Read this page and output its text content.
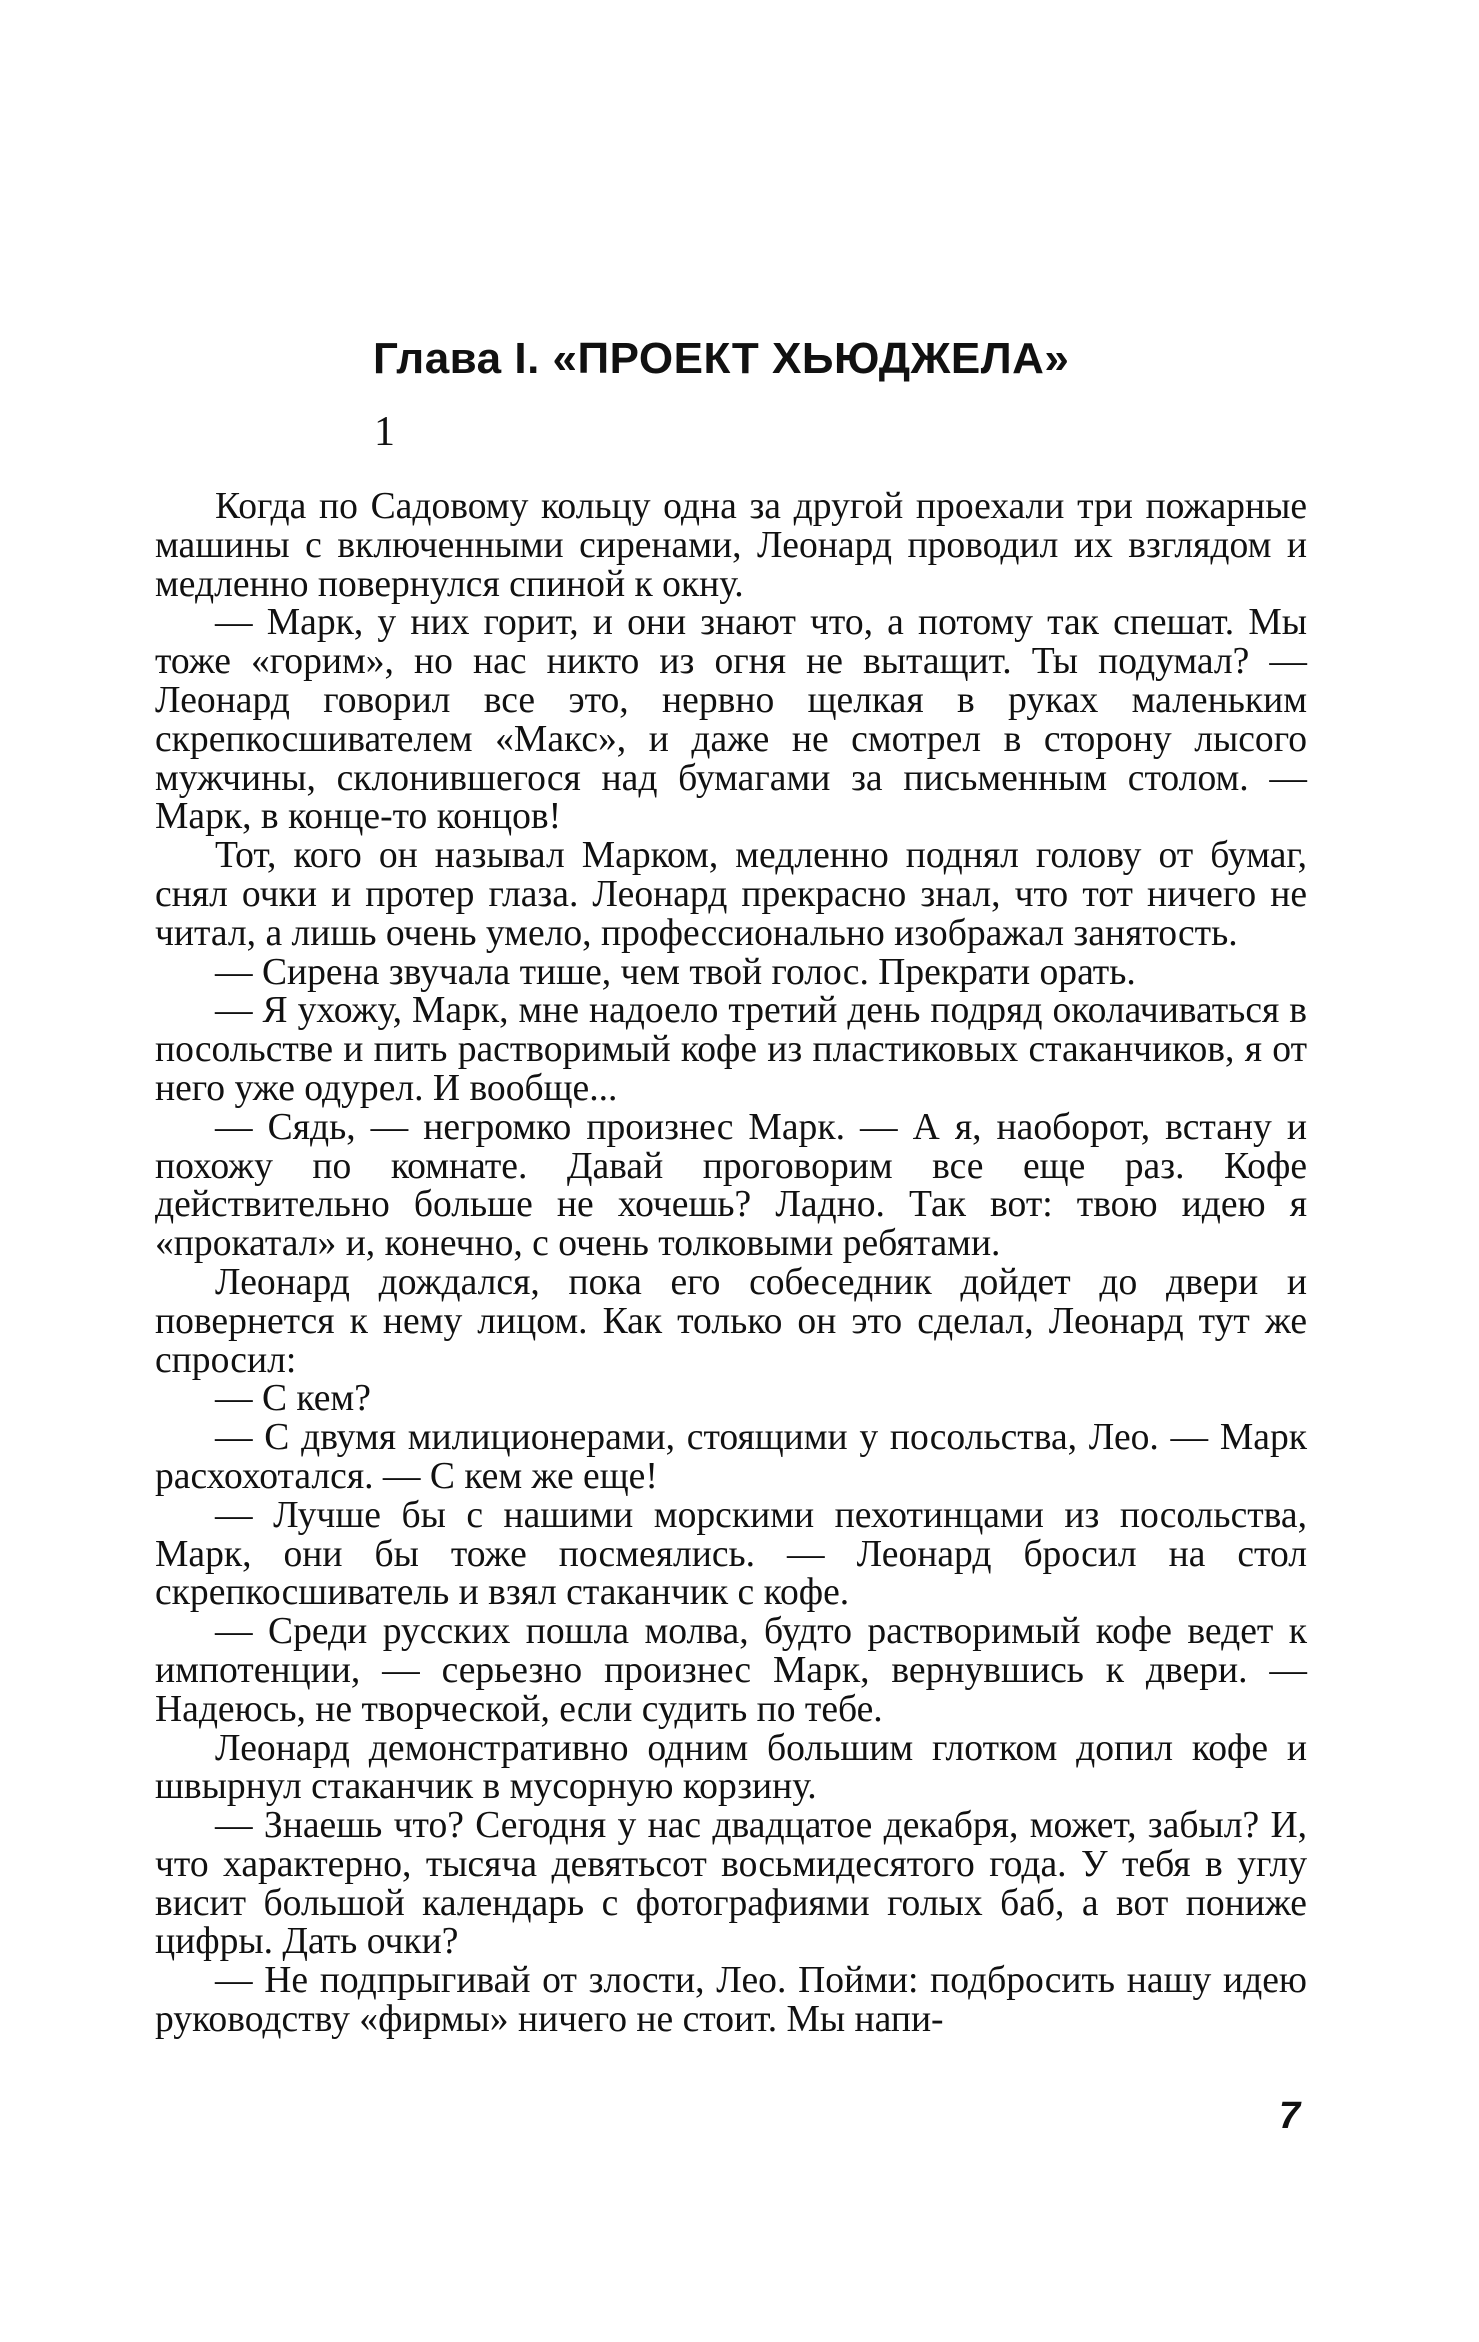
Глава I. «ПРОЕКТ ХЬЮДЖЕЛА»
1

Когда по Садовому кольцу одна за другой проехали три пожарные машины с включенными сиренами, Леонард проводил их взглядом и медленно повернулся спиной к окну.

— Марк, у них горит, и они знают что, а потому так спешат. Мы тоже «горим», но нас никто из огня не вытащит. Ты подумал? — Леонард говорил все это, нервно щелкая в руках маленьким скрепкосшивателем «Макс», и даже не смотрел в сторону лысого мужчины, склонившегося над бумагами за письменным столом. — Марк, в конце-то концов!

Тот, кого он называл Марком, медленно поднял голову от бумаг, снял очки и протер глаза. Леонард прекрасно знал, что тот ничего не читал, а лишь очень умело, профессионально изображал занятость.

— Сирена звучала тише, чем твой голос. Прекрати орать.

— Я ухожу, Марк, мне надоело третий день подряд околачиваться в посольстве и пить растворимый кофе из пластиковых стаканчиков, я от него уже одурел. И вообще...

— Сядь, — негромко произнес Марк. — А я, наоборот, встану и похожу по комнате. Давай проговорим все еще раз. Кофе действительно больше не хочешь? Ладно. Так вот: твою идею я «прокатал» и, конечно, с очень толковыми ребятами.

Леонард дождался, пока его собеседник дойдет до двери и повернется к нему лицом. Как только он это сделал, Леонард тут же спросил:

— С кем?

— С двумя милиционерами, стоящими у посольства, Лео. — Марк расхохотался. — С кем же еще!

— Лучше бы с нашими морскими пехотинцами из посольства, Марк, они бы тоже посмеялись. — Леонард бросил на стол скрепкосшиватель и взял стаканчик с кофе.

— Среди русских пошла молва, будто растворимый кофе ведет к импотенции, — серьезно произнес Марк, вернувшись к двери. — Надеюсь, не творческой, если судить по тебе.

Леонард демонстративно одним большим глотком допил кофе и швырнул стаканчик в мусорную корзину.

— Знаешь что? Сегодня у нас двадцатое декабря, может, забыл? И, что характерно, тысяча девятьсот восьмидесятого года. У тебя в углу висит большой календарь с фотографиями голых баб, а вот пониже цифры. Дать очки?

— Не подпрыгивай от злости, Лео. Пойми: подбросить нашу идею руководству «фирмы» ничего не стоит. Мы напи-

7
